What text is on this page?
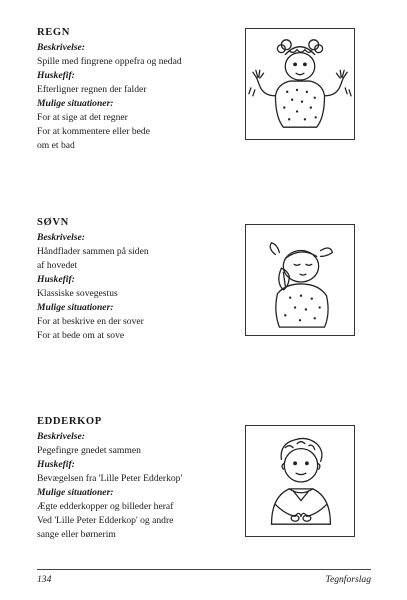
REGN
Beskrivelse:
Spille med fingrene oppefra og nedad
Huskefif:
Efterligner regnen der falder
Mulige situationer:
For at sige at det regner
For at kommentere eller bede
om et bad
SØVN
Beskrivelse:
Håndflader sammen på siden
af hovedet
Huskefif:
Klassiske sovegestus
Mulige situationer:
For at beskrive en der sover
For at bede om at sove
EDDERKOP
Beskrivelse:
Pegefingre gnedet sammen
Huskefif:
Bevægelsen fra 'Lille Peter Edderkop'
Mulige situationer:
Ægte edderkopper og billeder heraf
Ved 'Lille Peter Edderkop' og andre
sange eller børnerim
134	Tegnforslag
